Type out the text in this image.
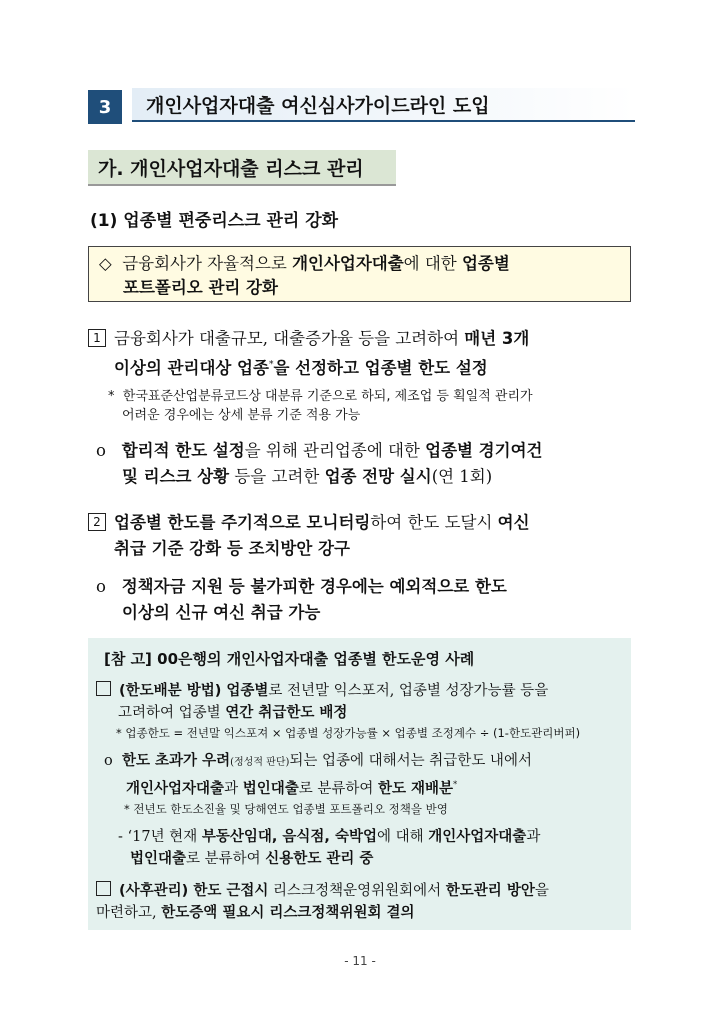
3	개인사업자대출 여신심사가이드라인 도입
가. 개인사업자대출 리스크 관리
(1) 업종별 편중리스크 관리 강화
◇ 금융회사가 자율적으로 개인사업자대출에 대한 업종별
포트폴리오 관리 강화
1 금융회사가 대출규모, 대출증가율 등을 고려하여 매년 3개
이상의 관리대상 업종*을 선정하고 업종별 한도 설정
* 한국표준산업분류코드상 대분류 기준으로 하되, 제조업 등 획일적 관리가
어려운 경우에는 상세 분류 기준 적용 가능
o 합리적 한도 설정을 위해 관리업종에 대한 업종별 경기여건
및 리스크 상황 등을 고려한 업종 전망 실시(연 1회)
2 업종별 한도를 주기적으로 모니터링하여 한도 도달시 여신
취급 기준 강화 등 조치방안 강구
o 정책자금 지원 등 불가피한 경우에는 예외적으로 한도
이상의 신규 여신 취급 가능
[참 고] 00은행의 개인사업자대출 업종별 한도운영 사례
(한도배분 방법) 업종별로 전년말 익스포저, 업종별 성장가능률 등을
고려하여 업종별 연간 취급한도 배정
* 업종한도 = 전년말 익스포져 × 업종별 성장가능률 × 업종별 조정계수 ÷ (1-한도관리버퍼)
o 한도 초과가 우려(정성적 판단)되는 업종에 대해서는 취급한도 내에서
개인사업자대출과 법인대출로 분류하여 한도 재배분*
* 전년도 한도소진율 및 당해연도 업종별 포트폴리오 정책을 반영
- ‘17년 현재 부동산임대, 음식점, 숙박업에 대해 개인사업자대출과
법인대출로 분류하여 신용한도 관리 중
(사후관리) 한도 근접시 리스크정책운영위원회에서 한도관리 방안을
마련하고, 한도증액 필요시 리스크정책위원회 결의
- 11 -
